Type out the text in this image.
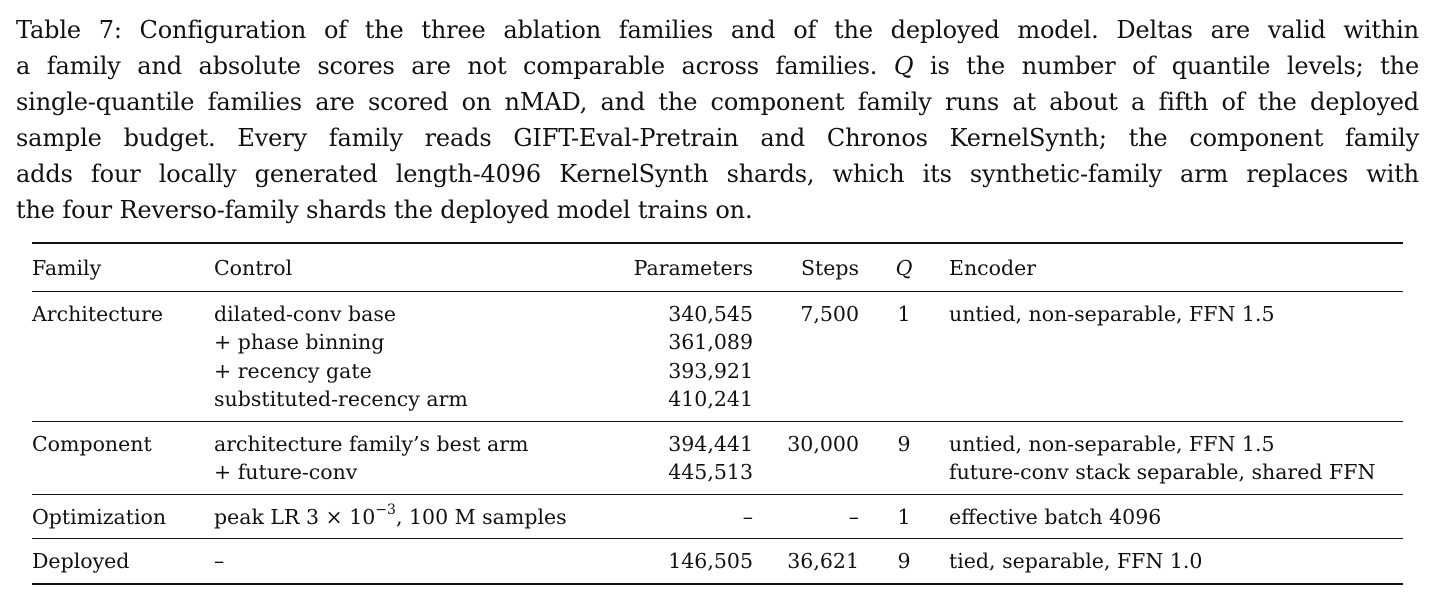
Table 7: Configuration of the three ablation families and of the deployed model. Deltas are valid within
a family and absolute scores are not comparable across families. Q is the number of quantile levels; the
single-quantile families are scored on nMAD, and the component family runs at about a fifth of the deployed
sample budget. Every family reads GIFT-Eval-Pretrain and Chronos KernelSynth; the component family
adds four locally generated length-4096 KernelSynth shards, which its synthetic-family arm replaces with
the four Reverso-family shards the deployed model trains on.
Family	Control	Parameters	Steps	Q	Encoder
Architecture	dilated-conv base	340,545	7,500	1	untied, non-separable, FFN 1.5
	+ phase binning	361,089			
	+ recency gate	393,921			
	substituted-recency arm	410,241			
Component	architecture family’s best arm	394,441	30,000	9	untied, non-separable, FFN 1.5
	+ future-conv	445,513			future-conv stack separable, shared FFN
Optimization	peak LR $3 \times 10^{-3}$, 100 M samples	–	–	1	effective batch 4096
Deployed	–	146,505	36,621	9	tied, separable, FFN 1.0
